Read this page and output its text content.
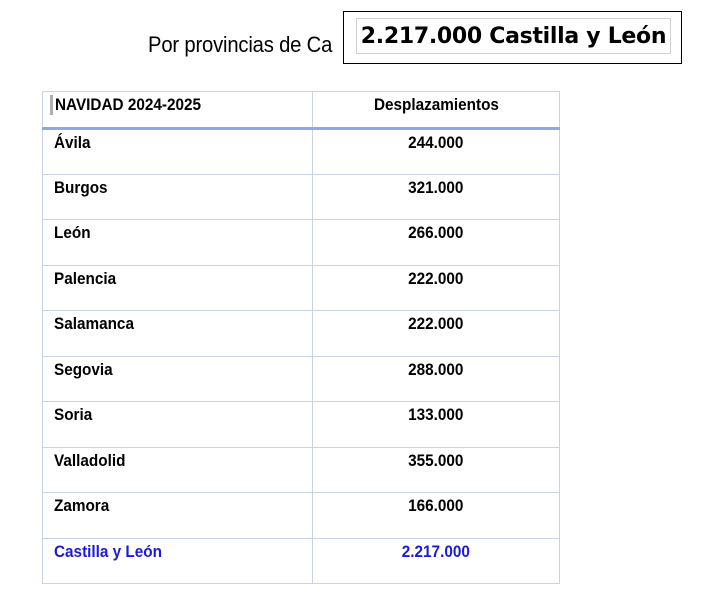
Por provincias de Ca 2.217.000 Castilla y León
NAVIDAD 2024-2025	Desplazamientos
Ávila	244.000
Burgos	321.000
León	266.000
Palencia	222.000
Salamanca	222.000
Segovia	288.000
Soria	133.000
Valladolid	355.000
Zamora	166.000
Castilla y León	2.217.000
